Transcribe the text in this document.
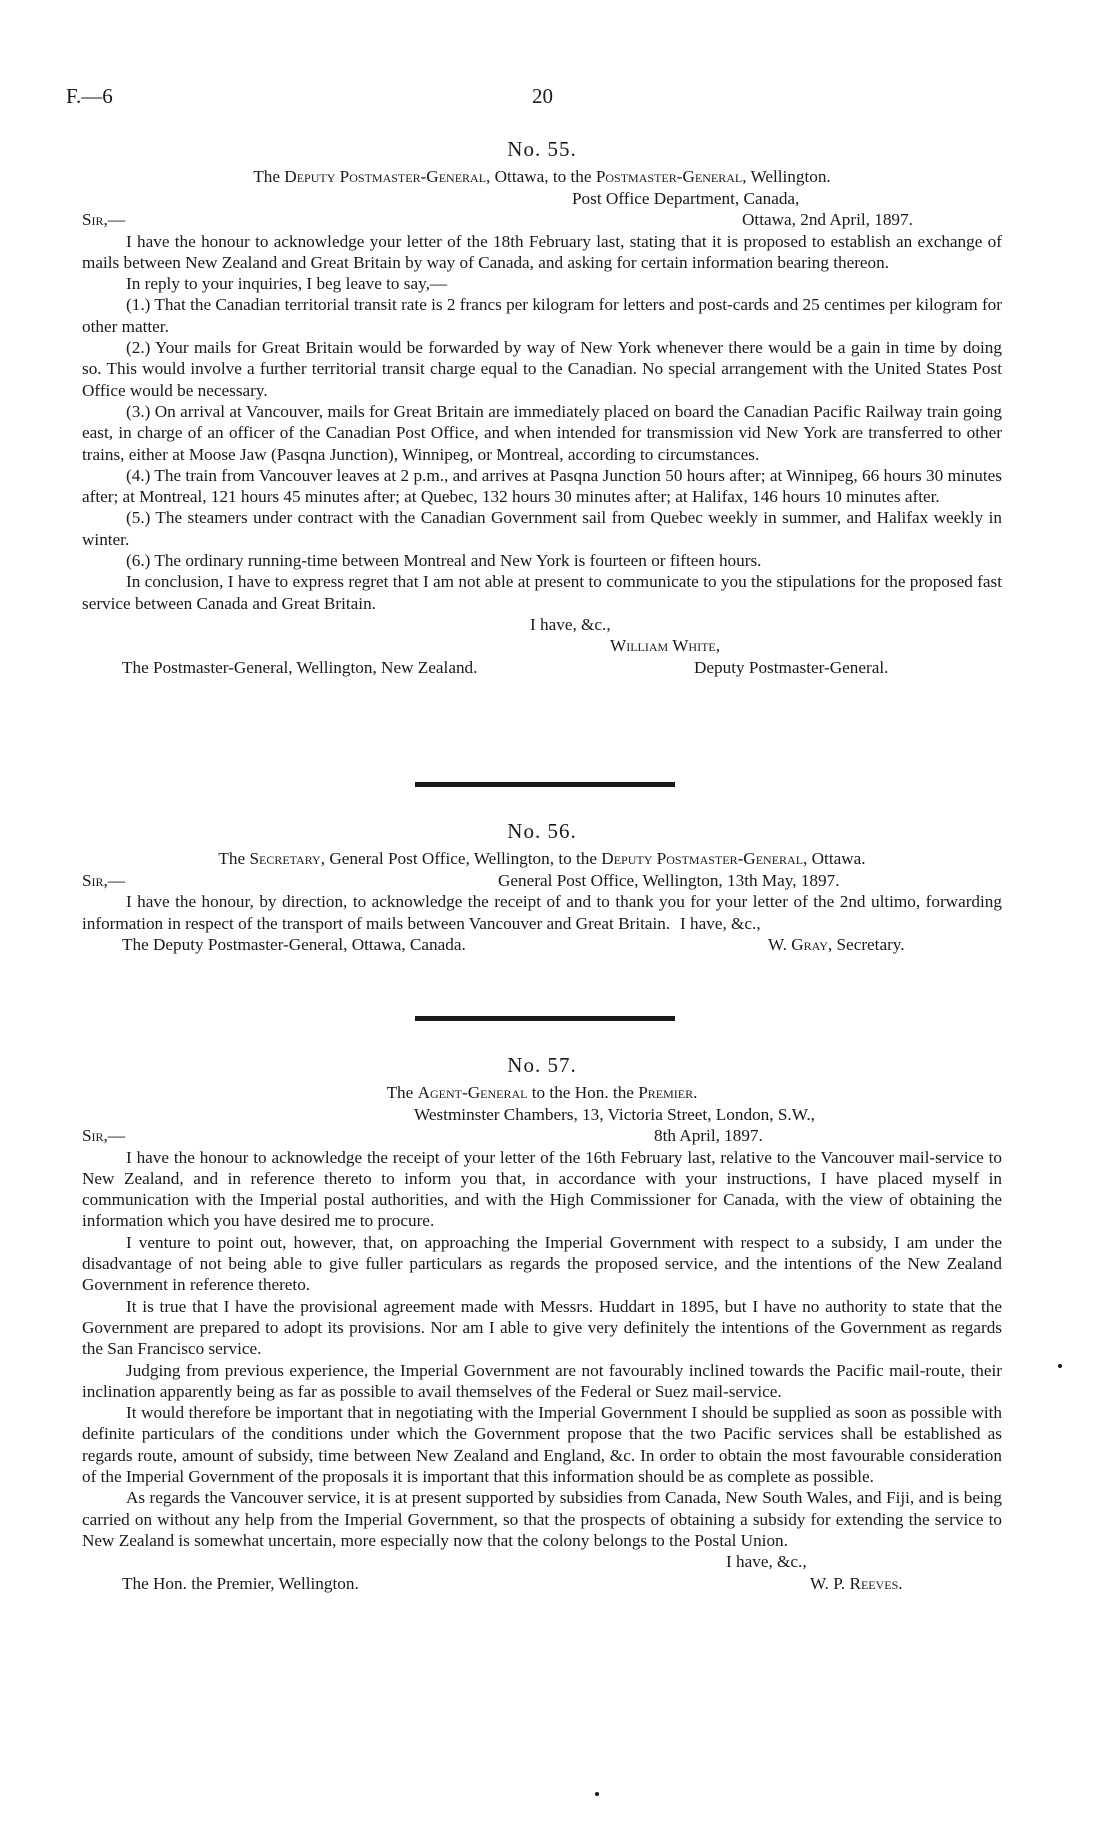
F.—6	20
No. 55.
The Deputy Postmaster-General, Ottawa, to the Postmaster-General, Wellington.
Post Office Department, Canada,
Sir,—	Ottawa, 2nd April, 1897.

I have the honour to acknowledge your letter of the 18th February last, stating that it is proposed to establish an exchange of mails between New Zealand and Great Britain by way of Canada, and asking for certain information bearing thereon.

In reply to your inquiries, I beg leave to say,—

(1.) That the Canadian territorial transit rate is 2 francs per kilogram for letters and post-cards and 25 centimes per kilogram for other matter.

(2.) Your mails for Great Britain would be forwarded by way of New York whenever there would be a gain in time by doing so. This would involve a further territorial transit charge equal to the Canadian. No special arrangement with the United States Post Office would be necessary.

(3.) On arrival at Vancouver, mails for Great Britain are immediately placed on board the Canadian Pacific Railway train going east, in charge of an officer of the Canadian Post Office, and when intended for transmission vid New York are transferred to other trains, either at Moose Jaw (Pasqna Junction), Winnipeg, or Montreal, according to circumstances.

(4.) The train from Vancouver leaves at 2 p.m., and arrives at Pasqna Junction 50 hours after; at Winnipeg, 66 hours 30 minutes after; at Montreal, 121 hours 45 minutes after; at Quebec, 132 hours 30 minutes after; at Halifax, 146 hours 10 minutes after.

(5.) The steamers under contract with the Canadian Government sail from Quebec weekly in summer, and Halifax weekly in winter.

(6.) The ordinary running-time between Montreal and New York is fourteen or fifteen hours.

In conclusion, I have to express regret that I am not able at present to communicate to you the stipulations for the proposed fast service between Canada and Great Britain.

I have, &c.,
William White,
The Postmaster-General, Wellington, New Zealand.	Deputy Postmaster-General.
No. 56.
The Secretary, General Post Office, Wellington, to the Deputy Postmaster-General, Ottawa.
Sir,—	General Post Office, Wellington, 13th May, 1897.

I have the honour, by direction, to acknowledge the receipt of and to thank you for your letter of the 2nd ultimo, forwarding information in respect of the transport of mails between Vancouver and Great Britain. I have, &c.,
The Deputy Postmaster-General, Ottawa, Canada.	W. Gray, Secretary.
No. 57.
The Agent-General to the Hon. the Premier.
Westminster Chambers, 13, Victoria Street, London, S.W.,
Sir,—	8th April, 1897.

I have the honour to acknowledge the receipt of your letter of the 16th February last, relative to the Vancouver mail-service to New Zealand, and in reference thereto to inform you that, in accordance with your instructions, I have placed myself in communication with the Imperial postal authorities, and with the High Commissioner for Canada, with the view of obtaining the information which you have desired me to procure.

I venture to point out, however, that, on approaching the Imperial Government with respect to a subsidy, I am under the disadvantage of not being able to give fuller particulars as regards the proposed service, and the intentions of the New Zealand Government in reference thereto.

It is true that I have the provisional agreement made with Messrs. Huddart in 1895, but I have no authority to state that the Government are prepared to adopt its provisions. Nor am I able to give very definitely the intentions of the Government as regards the San Francisco service.

Judging from previous experience, the Imperial Government are not favourably inclined towards the Pacific mail-route, their inclination apparently being as far as possible to avail themselves of the Federal or Suez mail-service.

It would therefore be important that in negotiating with the Imperial Government I should be supplied as soon as possible with definite particulars of the conditions under which the Government propose that the two Pacific services shall be established as regards route, amount of subsidy, time between New Zealand and England, &c. In order to obtain the most favourable consideration of the Imperial Government of the proposals it is important that this information should be as complete as possible.

As regards the Vancouver service, it is at present supported by subsidies from Canada, New South Wales, and Fiji, and is being carried on without any help from the Imperial Government, so that the prospects of obtaining a subsidy for extending the service to New Zealand is somewhat uncertain, more especially now that the colony belongs to the Postal Union.

I have, &c.,
The Hon. the Premier, Wellington.	W. P. Reeves.
